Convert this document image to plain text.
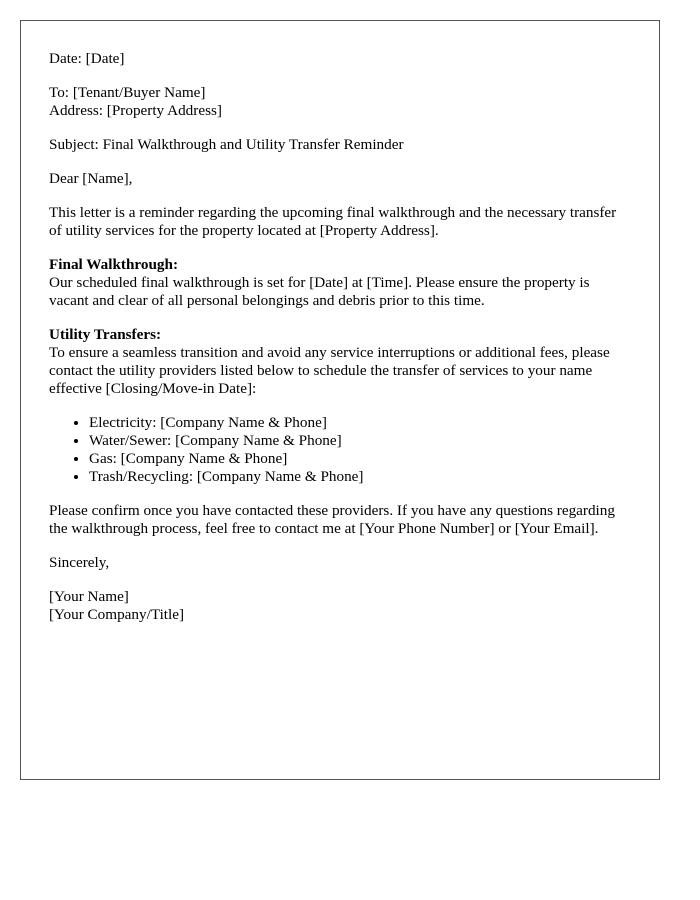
Date: [Date]

To: [Tenant/Buyer Name]
Address: [Property Address]

Subject: Final Walkthrough and Utility Transfer Reminder

Dear [Name],

This letter is a reminder regarding the upcoming final walkthrough and the necessary transfer of utility services for the property located at [Property Address].

Final Walkthrough:
Our scheduled final walkthrough is set for [Date] at [Time]. Please ensure the property is vacant and clear of all personal belongings and debris prior to this time.

Utility Transfers:
To ensure a seamless transition and avoid any service interruptions or additional fees, please contact the utility providers listed below to schedule the transfer of services to your name effective [Closing/Move-in Date]:

• Electricity: [Company Name & Phone]
• Water/Sewer: [Company Name & Phone]
• Gas: [Company Name & Phone]
• Trash/Recycling: [Company Name & Phone]

Please confirm once you have contacted these providers. If you have any questions regarding the walkthrough process, feel free to contact me at [Your Phone Number] or [Your Email].

Sincerely,

[Your Name]
[Your Company/Title]
